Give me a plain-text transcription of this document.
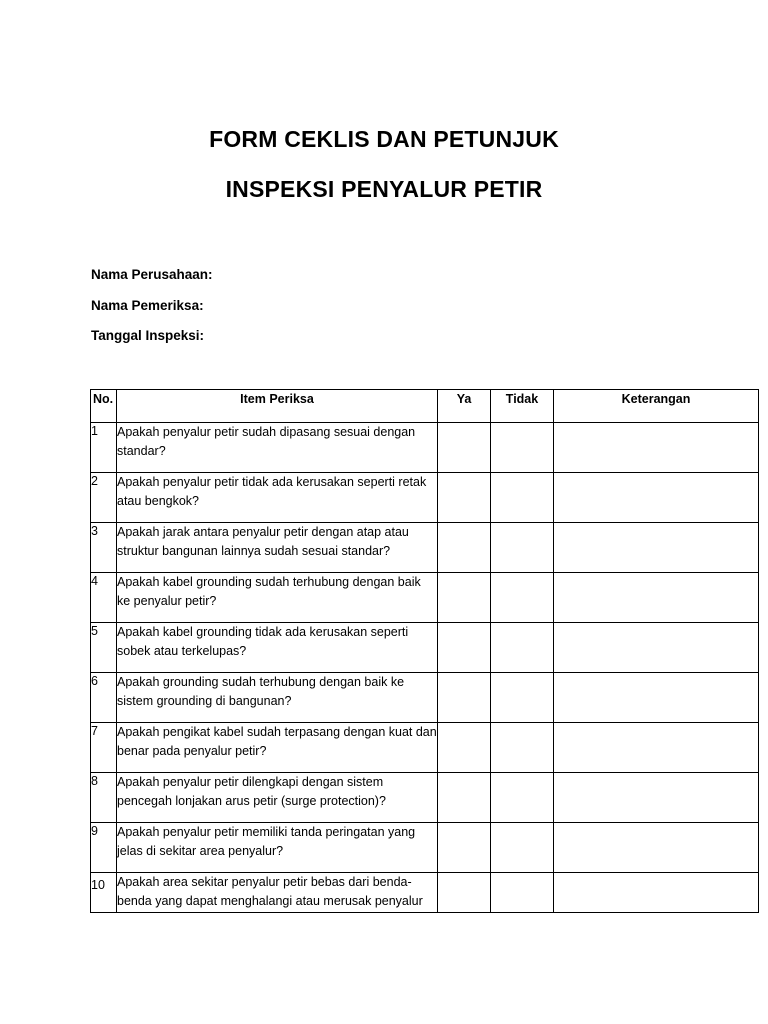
FORM CEKLIS DAN PETUNJUK
INSPEKSI PENYALUR PETIR
Nama Perusahaan:
Nama Pemeriksa:
Tanggal Inspeksi:
No.	Item Periksa	Ya	Tidak	Keterangan

1	Apakah penyalur petir sudah dipasang sesuai dengan standar?			

2	Apakah penyalur petir tidak ada kerusakan seperti retak atau bengkok?			

3	Apakah jarak antara penyalur petir dengan atap atau struktur bangunan lainnya sudah sesuai standar?			

4	Apakah kabel grounding sudah terhubung dengan baik ke penyalur petir?			

5	Apakah kabel grounding tidak ada kerusakan seperti sobek atau terkelupas?			

6	Apakah grounding sudah terhubung dengan baik ke sistem grounding di bangunan?			

7	Apakah pengikat kabel sudah terpasang dengan kuat dan benar pada penyalur petir?			

8	Apakah penyalur petir dilengkapi dengan sistem pencegah lonjakan arus petir (surge protection)?			

9	Apakah penyalur petir memiliki tanda peringatan yang jelas di sekitar area penyalur?			

10	Apakah area sekitar penyalur petir bebas dari benda-benda yang dapat menghalangi atau merusak penyalur			
